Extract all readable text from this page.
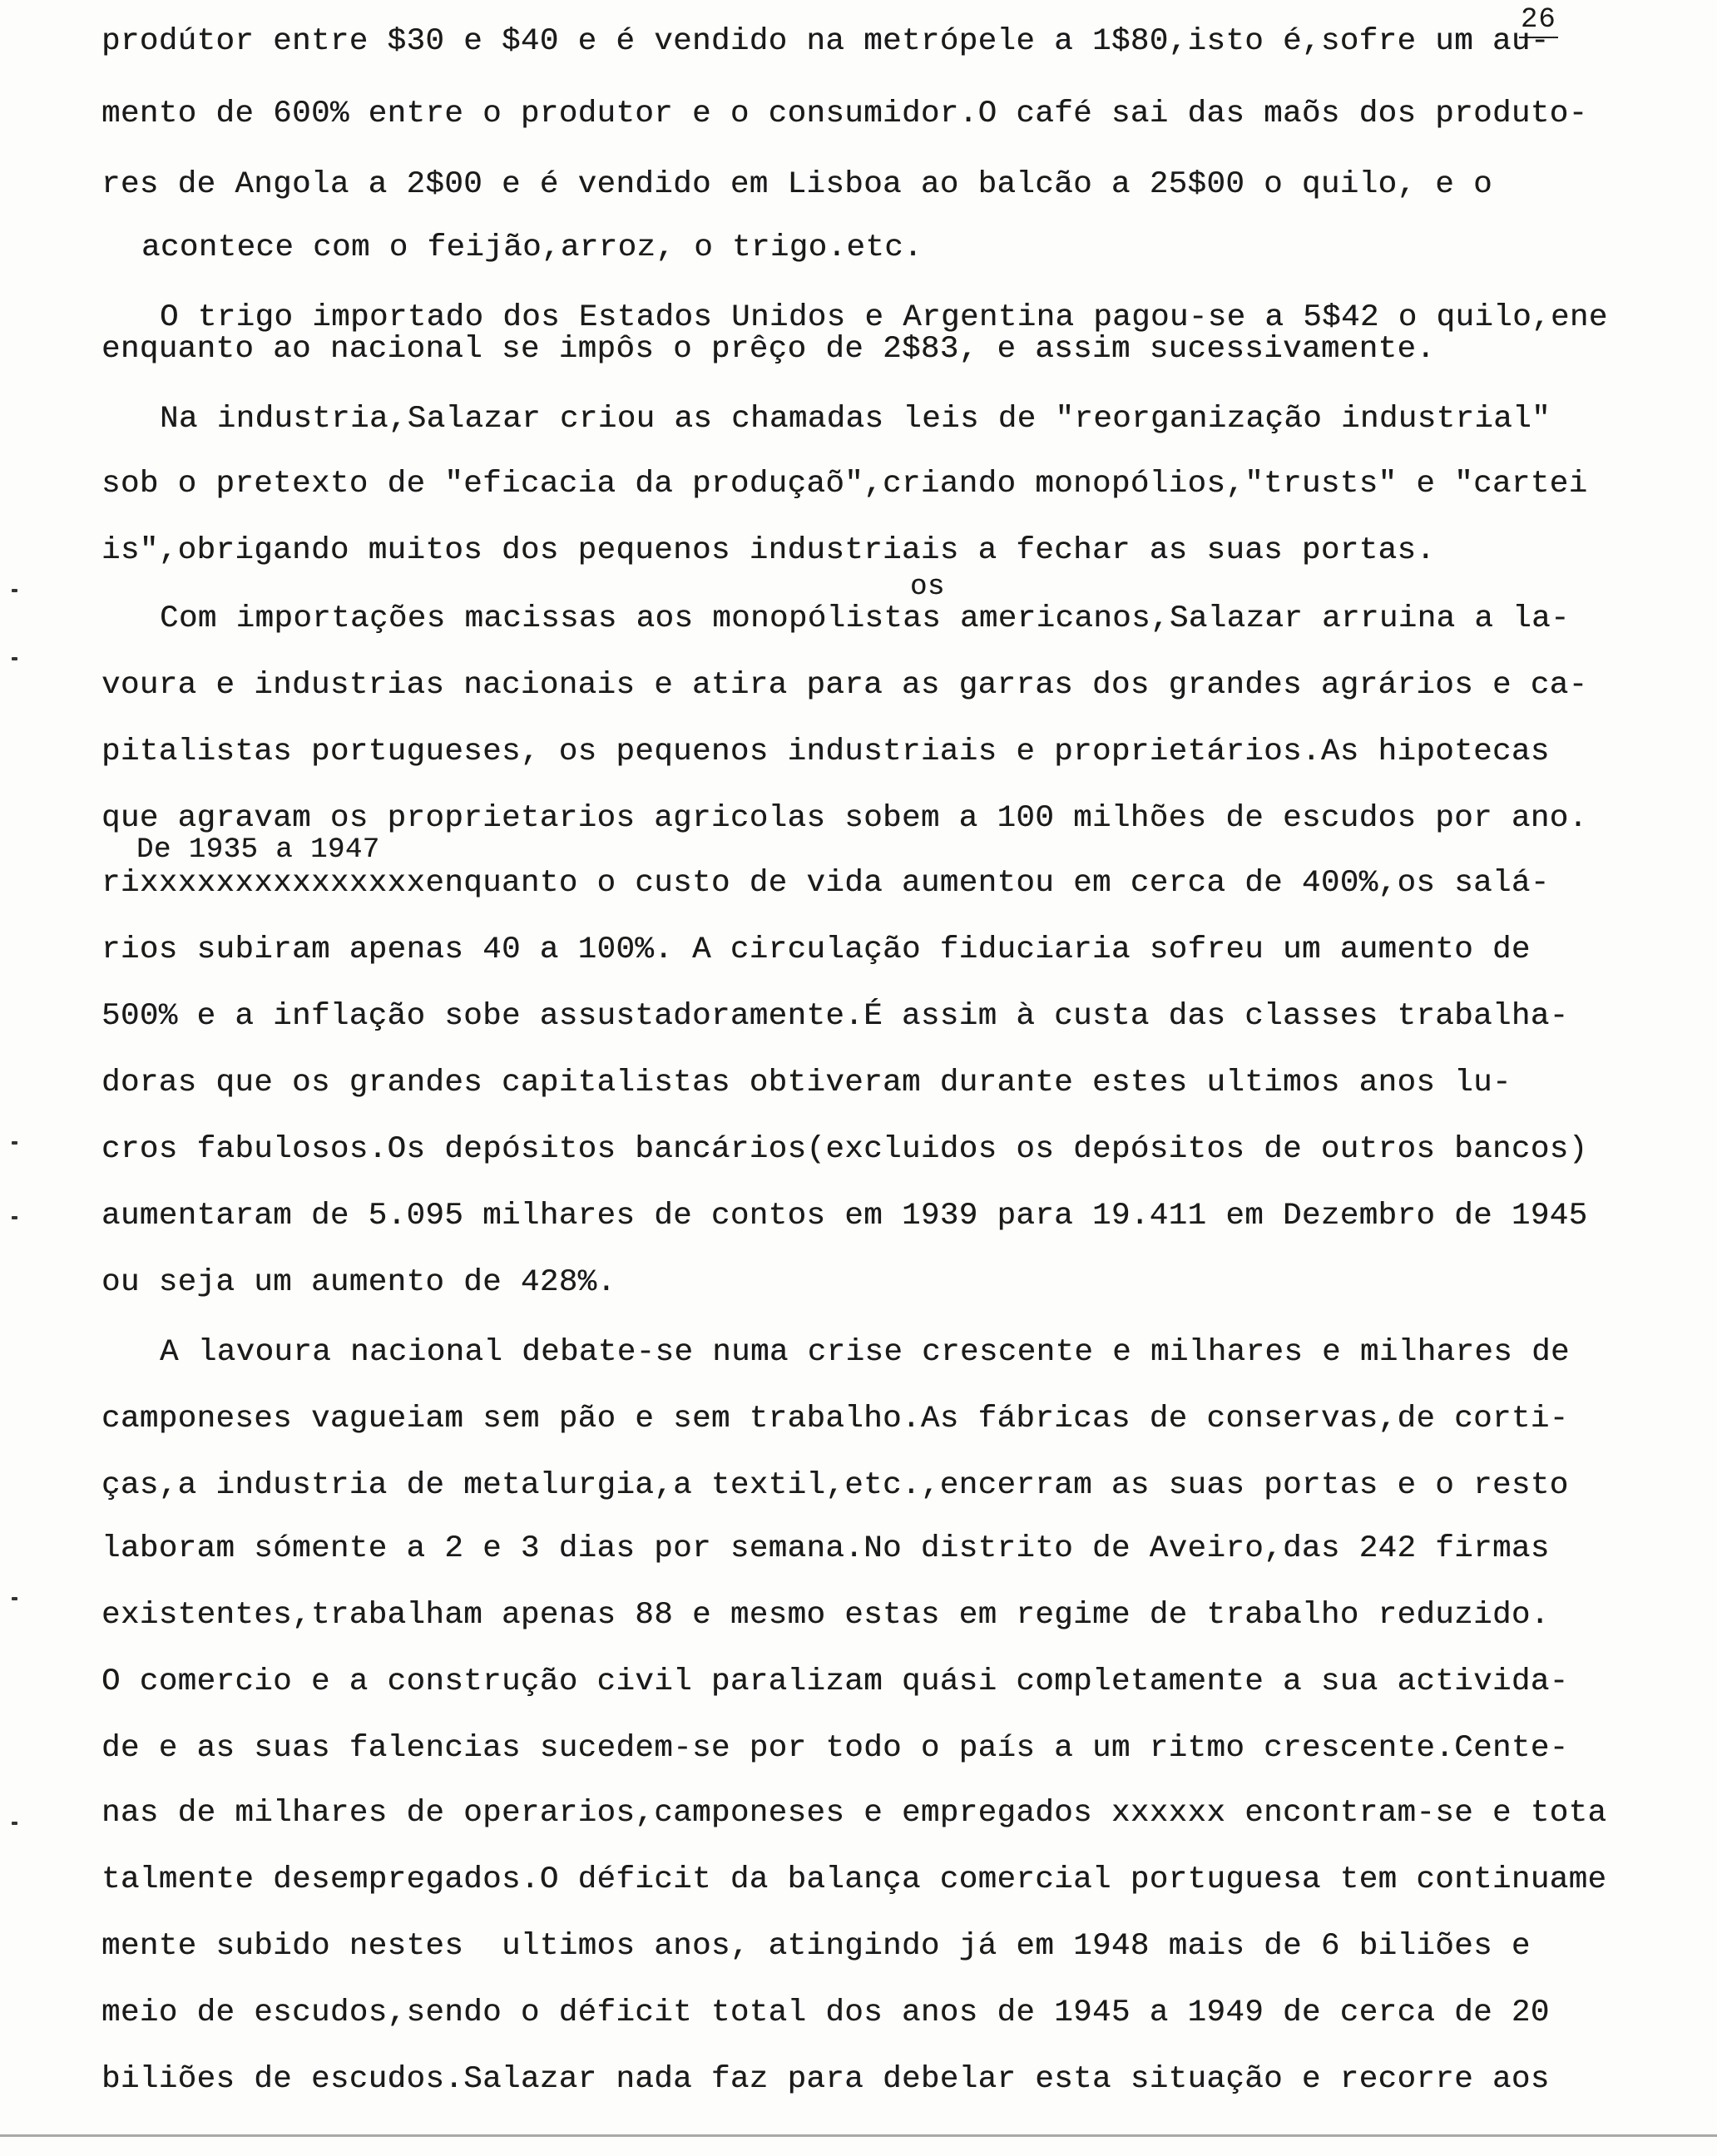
26
prodútor entre $30 e $40 e é vendido na metrópele a 1$80,isto é,sofre um au-
mento de 600% entre o produtor e o consumidor.O café sai das maõs dos produto-
res de Angola a 2$00 e é vendido em Lisboa ao balcão a 25$00 o quilo, e o
acontece com o feijão,arroz, o trigo.etc.
O trigo importado dos Estados Unidos e Argentina pagou-se a 5$42 o quilo,ene
enquanto ao nacional se impôs o prêço de 2$83, e assim sucessivamente.
Na industria,Salazar criou as chamadas leis de "reorganização industrial"
sob o pretexto de "eficacia da produçaõ",criando monopólios,"trusts" e "cartei
is",obrigando muitos dos pequenos industriais a fechar as suas portas.
os
Com importações macissas aos monopólistas americanos,Salazar arruina a la-
voura e industrias nacionais e atira para as garras dos grandes agrários e ca-
pitalistas portugueses, os pequenos industriais e proprietários.As hipotecas
que agravam os proprietarios agricolas sobem a 100 milhões de escudos por ano.
De 1935 a 1947
rixxxxxxxxxxxxxxxenquanto o custo de vida aumentou em cerca de 400%,os salá-
rios subiram apenas 40 a 100%. A circulação fiduciaria sofreu um aumento de
500% e a inflação sobe assustadoramente.É assim à custa das classes trabalha-
doras que os grandes capitalistas obtiveram durante estes ultimos anos lu-
cros fabulosos.Os depósitos bancários(excluidos os depósitos de outros bancos)
aumentaram de 5.095 milhares de contos em 1939 para 19.411 em Dezembro de 1945
ou seja um aumento de 428%.
A lavoura nacional debate-se numa crise crescente e milhares e milhares de
camponeses vagueiam sem pão e sem trabalho.As fábricas de conservas,de corti-
ças,a industria de metalurgia,a textil,etc.,encerram as suas portas e o resto
laboram sómente a 2 e 3 dias por semana.No distrito de Aveiro,das 242 firmas
existentes,trabalham apenas 88 e mesmo estas em regime de trabalho reduzido.
O comercio e a construção civil paralizam quási completamente a sua activida-
de e as suas falencias sucedem-se por todo o país a um ritmo crescente.Cente-
nas de milhares de operarios,camponeses e empregados xxxxxx encontram-se e tota
talmente desempregados.O déficit da balança comercial portuguesa tem continuame
mente subido nestes  ultimos anos, atingindo já em 1948 mais de 6 biliões e
meio de escudos,sendo o déficit total dos anos de 1945 a 1949 de cerca de 20
biliões de escudos.Salazar nada faz para debelar esta situação e recorre aos
